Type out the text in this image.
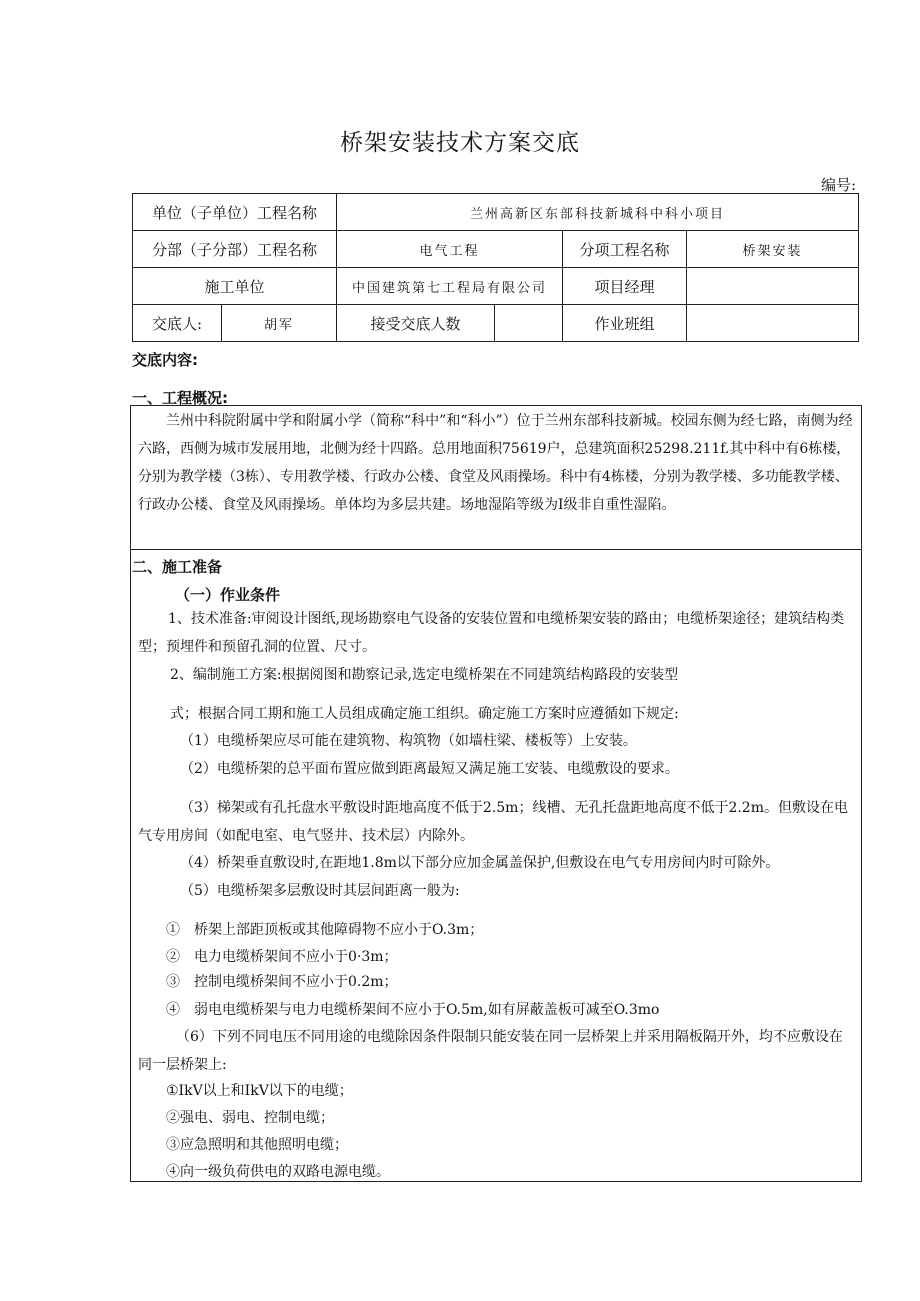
桥架安装技术方案交底
编号:
单位（子单位）工程名称		兰州高新区东部科技新城科中科小项目			
分部（子分部）工程名称		电气工程		分项工程名称	桥架安装
施工单位		中国建筑第七工程局有限公司		项目经理	
交底人:	胡军	接受交底人数		作业班组	
交底内容:
一、工程概况:
兰州中科院附属中学和附属小学（简称“科中”和“科小”）位于兰州东部科技新城。校园东侧为经七路，南侧为经六路，西侧为城市发展用地，北侧为经十四路。总用地面积75619户，总建筑面积25298.211f.其中科中有6栋楼，分别为教学楼（3栋）、专用教学楼、行政办公楼、食堂及风雨操场。科中有4栋楼，分别为教学楼、多功能教学楼、行政办公楼、食堂及风雨操场。单体均为多层共建。场地湿陷等级为I级非自重性湿陷。
二、施工准备
（一）作业条件
1、技术准备:审阅设计图纸,现场勘察电气设备的安装位置和电缆桥架安装的路由；电缆桥架途径；建筑结构类型；预埋件和预留孔洞的位置、尺寸。
2、编制施工方案:根据阅图和勘察记录,选定电缆桥架在不同建筑结构路段的安装型
式；根据合同工期和施工人员组成确定施工组织。确定施工方案时应遵循如下规定:
（1）电缆桥架应尽可能在建筑物、构筑物（如墙柱梁、楼板等）上安装。
（2）电缆桥架的总平面布置应做到距离最短又满足施工安装、电缆敷设的要求。
（3）梯架或有孔托盘水平敷设时距地高度不低于2.5m；线槽、无孔托盘距地高度不低于2.2m。但敷设在电气专用房间（如配电室、电气竖井、技术层）内除外。
（4）桥架垂直敷设时,在距地1.8m以下部分应加金属盖保护,但敷设在电气专用房间内时可除外。
（5）电缆桥架多层敷设时其层间距离一般为:
①　桥架上部距顶板或其他障碍物不应小于O.3m；
②　电力电缆桥架间不应小于0·3m；
③　控制电缆桥架间不应小于0.2m；
④　弱电电缆桥架与电力电缆桥架间不应小于O.5m,如有屏蔽盖板可减至O.3mo
（6）下列不同电压不同用途的电缆除因条件限制只能安装在同一层桥架上并采用隔板隔开外，均不应敷设在同一层桥架上:
①IkV以上和IkV以下的电缆；
②强电、弱电、控制电缆；
③应急照明和其他照明电缆；
④向一级负荷供电的双路电源电缆。
